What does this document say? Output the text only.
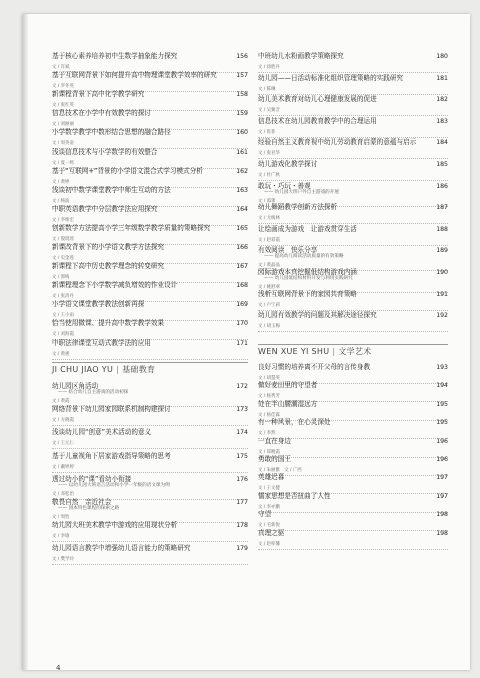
基于核心素养培养初中生数学抽象能力探究
文 / 许斌
156
基于互联网背景下如何提升高中物理课堂教学效率的研究
文 / 罗冬英
157
新课程背景下高中化学教学研究
文 / 张红英
158
信息技术在小学中有效教学的探讨
文 / 刘丽丽
159
小学数学教学中数形结合思想的融合路径
文 / 周英姿
160
浅谈信息技术与小学数学的有效整合
文 / 夏一鸣
161
基于“互联网+”背景的小学语文混合式学习模式分析
文 / 黄婷
162
浅谈初中数学课堂教学中师生互动的方法
文 / 杨波
163
中职英语教学中分层教学法应用探究
文 / 李维宏
164
创新数学方法提高小学三年级数学教学质量的策略探究
文 / 殷琨瑶
165
新课改背景下的小学语文教学方法探究
文 / 史金莲
166
新课程下高中历史教学理念的转变研究
文 / 郭梅
167
新课程理念下小学数学减负增效的作业设计
文 / 张清丹
168
小学语文课堂教学教法创新再探
文 / 王小雨
169
恰当使用微课、提升高中数学教学效果
文 / 刘海霞
170
中职法律课堂互动式教学法的应用
文 / 黄惠
171
JI CHU JIAO YU | 基础教育
幼儿园区角活动
—— 结合幼儿自主游戏的活动初探
文 / 黄霞
172
网络背景下幼儿园家园联系机制构建探讨
文 / 方晓霞
173
浅谈幼儿园“创意”美术活动的意义
文 / 王元仁
174
基于儿童视角下居家游戏指导策略的思考
文 / 戴婷婷
175
透过幼小的“课”看幼小衔接
—— 以幼儿园大班语言活动和小学一年级的语文课为例
文 / 邓松治
176
敬畏自然　亲近社会
—— 园本特色课程的探索之路
文 / 周怡
177
幼儿园大班美术教学中游戏的应用现状分析
文 / 李瑜
178
幼儿园语言教学中增强幼儿语言能力的策略研究
文 / 樊学玲
179
中班幼儿水粉画教学策略探究
文 / 徐胜丹
180
幼儿园——日活动标准化组织管理策略的实践研究
文 / 陈琳
181
幼儿美术教育对幼儿心理健康发展的促进
文 / 吴翼音
182
信息技术在幼儿园教育教学中的合理运用
文 / 崔菲
183
经验自然主义教育视中幼儿劳动教育启蒙的意蕴与启示
文 / 张君华
184
幼儿游戏化教学探讨
文 / 杜广秋
185
敢玩・巧玩・善观
—— 幼儿园大班户外自主游戏的开展
文 / 邵蕾
186
幼儿舞蹈教学创新方法探析
文 / 尤梅林
187
让绘画成为游戏　让游戏贯穿生活
文 / 赵彩霞
188
有效阅读　快乐分享
—— 提高幼儿阅读活动质量的有效策略
文 / 黄晶晶
189
园际游戏本真挖掘低结构游戏内涵
—— 幼儿园低结构材料开发与利用实践研究
文 / 姚舒翠
190
浅析互联网背景下的家园共育策略
文 / 卢宁莉
191
幼儿园有效教学的问题及其解决途径探究
文 / 胡玉梅
192
WEN XUE YI SHU | 文学艺术
良好习惯的培养离不开父母的言传身教
文 / 胡慧英
193
做好麦田里的守望者
文 / 杨秀芳
194
处在半山腰潮湿远方
文 / 杨佳霖
195
有一种风景，在心灵深处
文 / 李然
195
一直在身边
文 / 郑晚霞
196
勇敢的国王
文 / 朱丽雅　文 / 广西
196
英雄迟暮
文 / 王文健
197
儒家思想是否扭曲了人性
文 / 李亦鹏
197
守望
文 / 毛新悦
198
真理之驱
文 / 赵梓馨
198
4
